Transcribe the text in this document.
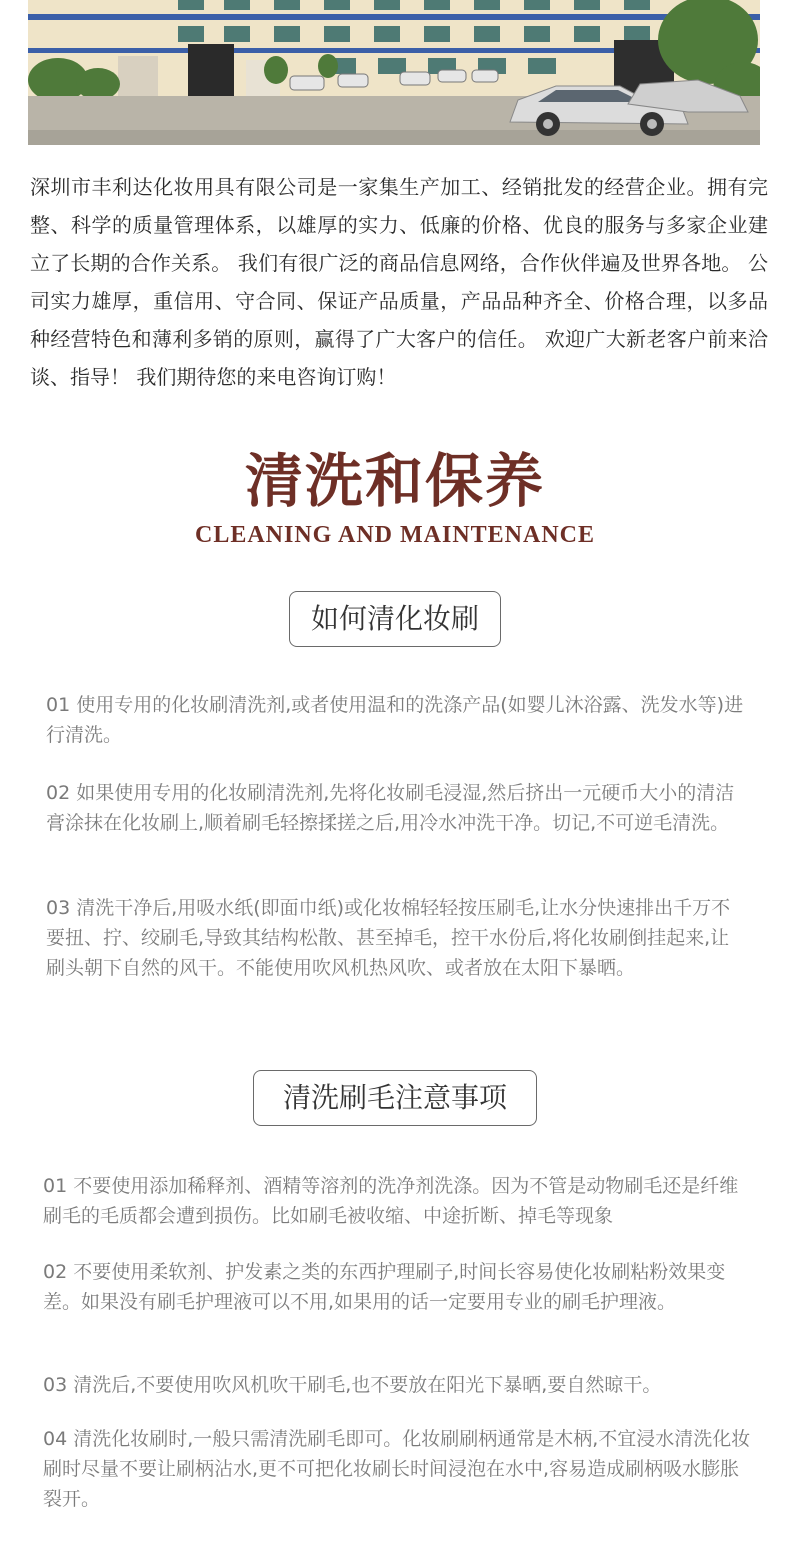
深圳市丰利达化妆用具有限公司是一家集生产加工、经销批发的经营企业。拥有完整、科学的质量管理体系，以雄厚的实力、低廉的价格、优良的服务与多家企业建立了长期的合作关系。 我们有很广泛的商品信息网络，合作伙伴遍及世界各地。 公司实力雄厚，重信用、守合同、保证产品质量，产品品种齐全、价格合理，以多品种经营特色和薄利多销的原则，赢得了广大客户的信任。 欢迎广大新老客户前来洽谈、指导！ 我们期待您的来电咨询订购！

清洗和保养
CLEANING AND MAINTENANCE
如何清化妆刷

01 使用专用的化妆刷清洗剂,或者使用温和的洗涤产品(如婴儿沐浴露、洗发水等)进行清洗。

02 如果使用专用的化妆刷清洗剂,先将化妆刷毛浸湿,然后挤出一元硬币大小的清洁膏涂抹在化妆刷上,顺着刷毛轻擦揉搓之后,用冷水冲洗干净。切记,不可逆毛清洗。

03 清洗干净后,用吸水纸(即面巾纸)或化妆棉轻轻按压刷毛,让水分快速排出千万不要扭、拧、绞刷毛,导致其结构松散、甚至掉毛，控干水份后,将化妆刷倒挂起来,让刷头朝下自然的风干。不能使用吹风机热风吹、或者放在太阳下暴晒。

清洗刷毛注意事项

01 不要使用添加稀释剂、酒精等溶剂的洗净剂洗涤。因为不管是动物刷毛还是纤维刷毛的毛质都会遭到损伤。比如刷毛被收缩、中途折断、掉毛等现象

02 不要使用柔软剂、护发素之类的东西护理刷子,时间长容易使化妆刷粘粉效果变差。如果没有刷毛护理液可以不用,如果用的话一定要用专业的刷毛护理液。

03 清洗后,不要使用吹风机吹干刷毛,也不要放在阳光下暴晒,要自然晾干。

04 清洗化妆刷时,一般只需清洗刷毛即可。化妆刷刷柄通常是木柄,不宜浸水清洗化妆刷时尽量不要让刷柄沾水,更不可把化妆刷长时间浸泡在水中,容易造成刷柄吸水膨胀裂开。
